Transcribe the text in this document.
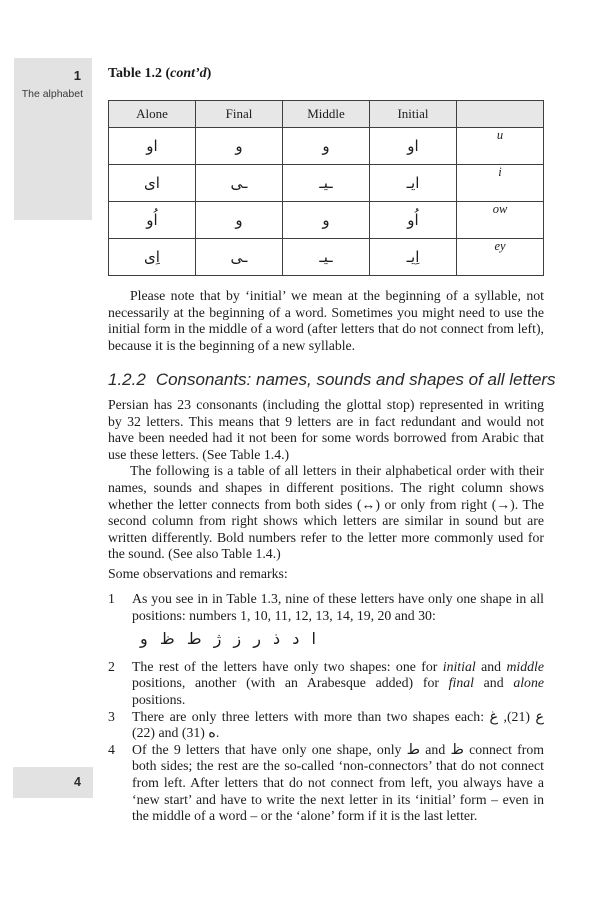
1
The alphabet
Table 1.2 (cont’d)
Alone	Final	Middle	Initial	
او	و	و	او	u
ای	ـی	ـيـ	ايـ	i
اُو	و	و	اُو	ow
اِی	ـی	ـيـ	اِيـ	ey

Please note that by ‘initial’ we mean at the beginning of a syllable, not necessarily at the beginning of a word. Sometimes you might need to use the initial form in the middle of a word (after letters that do not connect from left), because it is the beginning of a new syllable.

1.2.2 Consonants: names, sounds and shapes of all letters

Persian has 23 consonants (including the glottal stop) represented in writing by 32 letters. This means that 9 letters are in fact redundant and would not have been needed had it not been for some words borrowed from Arabic that use these letters. (See Table 1.4.)

The following is a table of all letters in their alphabetical order with their names, sounds and shapes in different positions. The right column shows whether the letter connects from both sides (↔) or only from right (→). The second column from right shows which letters are similar in sound but are written differently. Bold numbers refer to the letter more commonly used for the sound. (See also Table 1.4.)

Some observations and remarks:

1 As you see in in Table 1.3, nine of these letters have only one shape in all positions: numbers 1, 10, 11, 12, 13, 14, 19, 20 and 30:
ا د ذ ر ز ژ ط ظ و
2 The rest of the letters have only two shapes: one for initial and middle positions, another (with an Arabesque added) for final and alone positions.
3 There are only three letters with more than two shapes each:	ع (21), غ (22) and ه (31).
4 Of the 9 letters that have only one shape, only ط and ظ connect from both sides; the rest are the so-called ‘non-connectors’ that do not connect from left. After letters that do not connect from left, you always have a ‘new start’ and have to write the next letter in its ‘initial’ form – even in the middle of a word – or the ‘alone’ form if it is the last letter.
4
